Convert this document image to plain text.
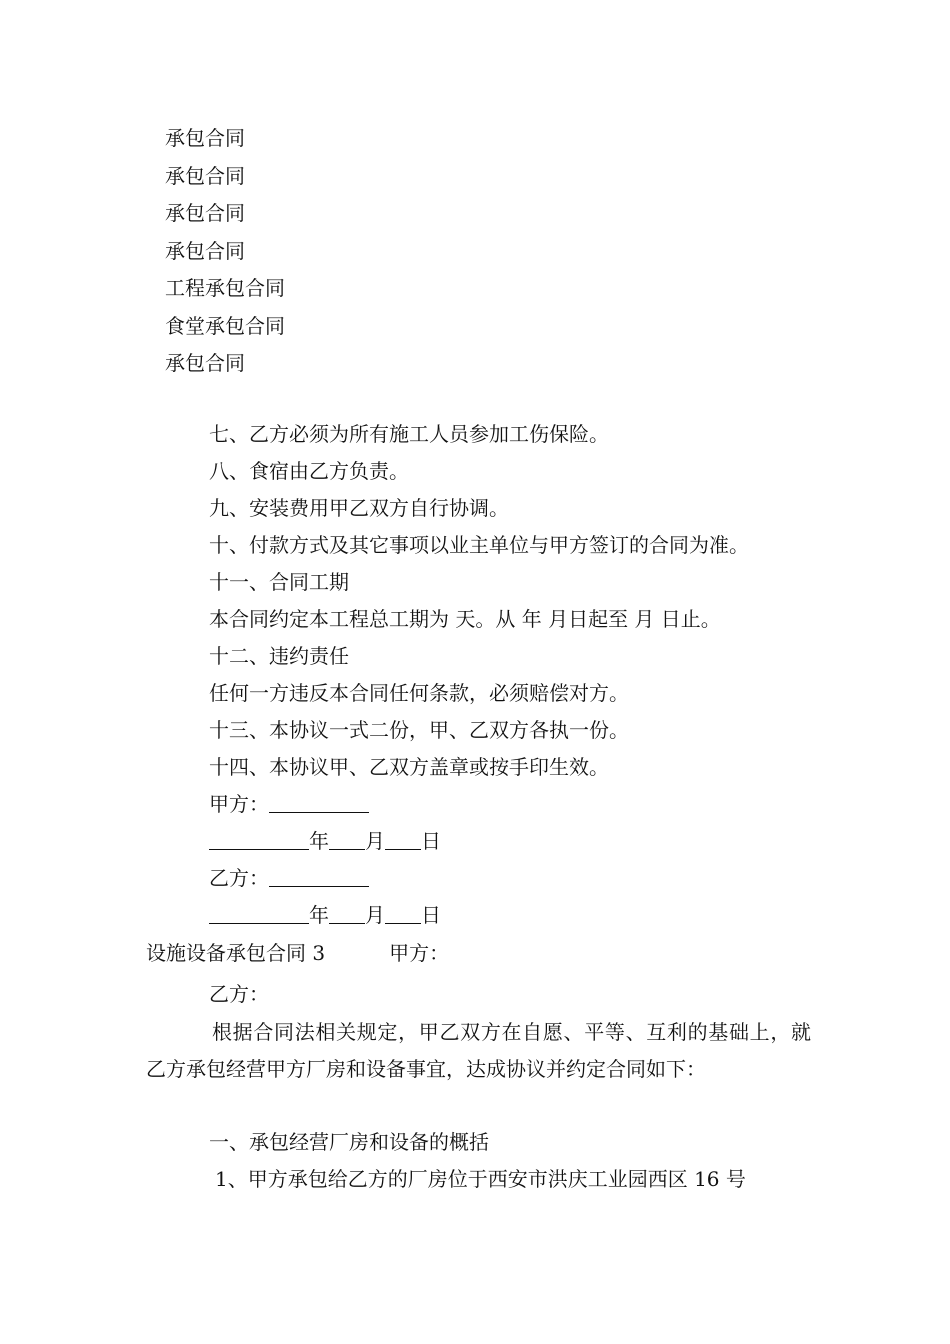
承包合同
承包合同
承包合同
承包合同
工程承包合同
食堂承包合同
承包合同
七、乙方必须为所有施工人员参加工伤保险。
八、食宿由乙方负责。
九、安装费用甲乙双方自行协调。
十、付款方式及其它事项以业主单位与甲方签订的合同为准。
十一、合同工期
本合同约定本工程总工期为 天。从 年 月日起至 月 日止。
十二、违约责任
任何一方违反本合同任何条款，必须赔偿对方。
十三、本协议一式二份，甲、乙双方各执一份。
十四、本协议甲、乙双方盖章或按手印生效。
甲方：
年 月 日
乙方：
年 月 日
设施设备承包合同 3	甲方：
乙方：
根据合同法相关规定，甲乙双方在自愿、平等、互利的基础上，就乙方承包经营甲方厂房和设备事宜，达成协议并约定合同如下：
一、承包经营厂房和设备的概括
1、甲方承包给乙方的厂房位于西安市洪庆工业园西区 16 号
